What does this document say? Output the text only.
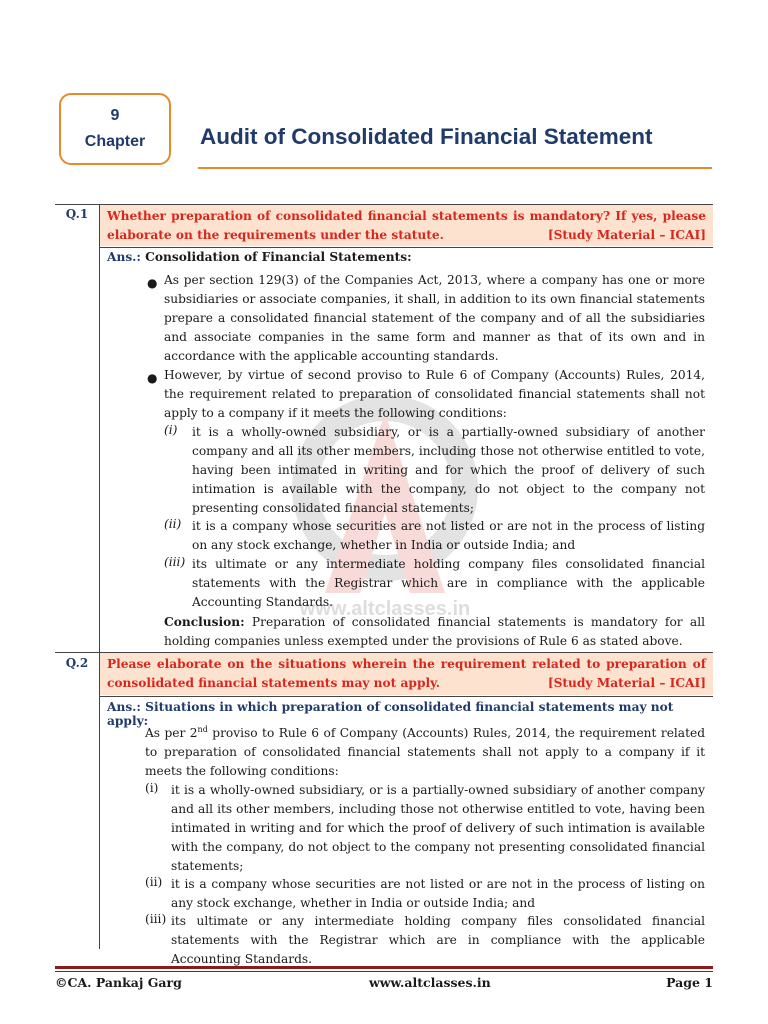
9
Chapter	Audit of Consolidated Financial Statement
www.altclasses.in
Q.1	Whether preparation of consolidated financial statements is mandatory? If yes, please elaborate on the requirements under the statute.	[Study Material – ICAI]
Ans.: Consolidation of Financial Statements:
● As per section 129(3) of the Companies Act, 2013, where a company has one or more subsidiaries or associate companies, it shall, in addition to its own financial statements prepare a consolidated financial statement of the company and of all the subsidiaries and associate companies in the same form and manner as that of its own and in accordance with the applicable accounting standards.
● However, by virtue of second proviso to Rule 6 of Company (Accounts) Rules, 2014, the requirement related to preparation of consolidated financial statements shall not apply to a company if it meets the following conditions:
(i) it is a wholly-owned subsidiary, or is a partially-owned subsidiary of another company and all its other members, including those not otherwise entitled to vote, having been intimated in writing and for which the proof of delivery of such intimation is available with the company, do not object to the company not presenting consolidated financial statements;
(ii) it is a company whose securities are not listed or are not in the process of listing on any stock exchange, whether in India or outside India; and
(iii) its ultimate or any intermediate holding company files consolidated financial statements with the Registrar which are in compliance with the applicable Accounting Standards.
Conclusion: Preparation of consolidated financial statements is mandatory for all holding companies unless exempted under the provisions of Rule 6 as stated above.
Q.2	Please elaborate on the situations wherein the requirement related to preparation of consolidated financial statements may not apply.	[Study Material – ICAI]
Ans.: Situations in which preparation of consolidated financial statements may not apply:
As per 2nd proviso to Rule 6 of Company (Accounts) Rules, 2014, the requirement related to preparation of consolidated financial statements shall not apply to a company if it meets the following conditions:
(i) it is a wholly-owned subsidiary, or is a partially-owned subsidiary of another company and all its other members, including those not otherwise entitled to vote, having been intimated in writing and for which the proof of delivery of such intimation is available with the company, do not object to the company not presenting consolidated financial statements;
(ii) it is a company whose securities are not listed or are not in the process of listing on any stock exchange, whether in India or outside India; and
(iii) its ultimate or any intermediate holding company files consolidated financial statements with the Registrar which are in compliance with the applicable Accounting Standards.
©CA. Pankaj Garg	www.altclasses.in	Page 1
